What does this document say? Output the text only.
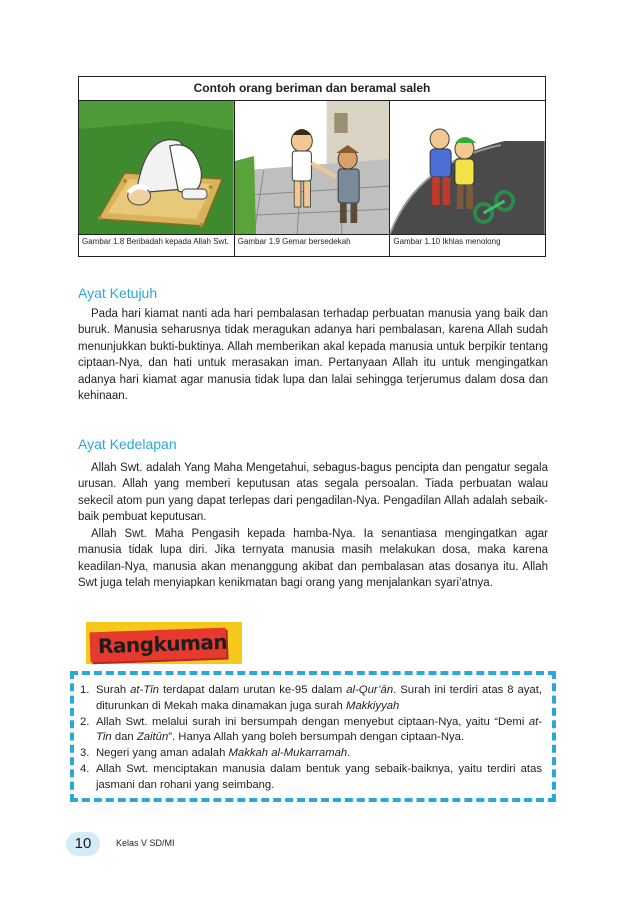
Contoh orang beriman dan beramal saleh
Gambar 1.8 Beribadah kepada Allah Swt.	Gambar 1.9 Gemar bersedekah	Gambar 1.10 Ikhlas menolong
Ayat Ketujuh

Pada hari kiamat nanti ada hari pembalasan terhadap perbuatan manusia yang baik dan buruk. Manusia seharusnya tidak meragukan adanya hari pembalasan, karena Allah sudah menunjukkan bukti-buktinya. Allah memberikan akal kepada manusia untuk berpikir tentang ciptaan-Nya, dan hati untuk merasakan iman. Pertanyaan Allah itu untuk mengingatkan adanya hari kiamat agar manusia tidak lupa dan lalai sehingga terjerumus dalam dosa dan kehinaan.

Ayat Kedelapan

Allah Swt. adalah Yang Maha Mengetahui, sebagus-bagus pencipta dan pengatur segala urusan. Allah yang memberi keputusan atas segala persoalan. Tiada perbuatan walau sekecil atom pun yang dapat terlepas dari pengadilan-Nya. Pengadilan Allah adalah sebaik-baik pembuat keputusan.

Allah Swt. Maha Pengasih kepada hamba-Nya. Ia senantiasa mengingatkan agar manusia tidak lupa diri. Jika ternyata manusia masih melakukan dosa, maka karena keadilan-Nya, manusia akan menanggung akibat dan pembalasan atas dosanya itu. Allah Swt juga telah menyiapkan kenikmatan bagi orang yang menjalankan syari’atnya.

Rangkuman
1. Surah at-Tīn terdapat dalam urutan ke-95 dalam al-Qur’ān. Surah ini terdiri atas 8 ayat, diturunkan di Mekah maka dinamakan juga surah Makkiyyah
2. Allah Swt. melalui surah ini bersumpah dengan menyebut ciptaan-Nya, yaitu “Demi at-Tīn dan Zaitūn”. Hanya Allah yang boleh bersumpah dengan ciptaan-Nya.
3. Negeri yang aman adalah Makkah al-Mukarramah.
4. Allah Swt. menciptakan manusia dalam bentuk yang sebaik-baiknya, yaitu terdiri atas jasmani dan rohani yang seimbang.
10	Kelas V SD/MI
